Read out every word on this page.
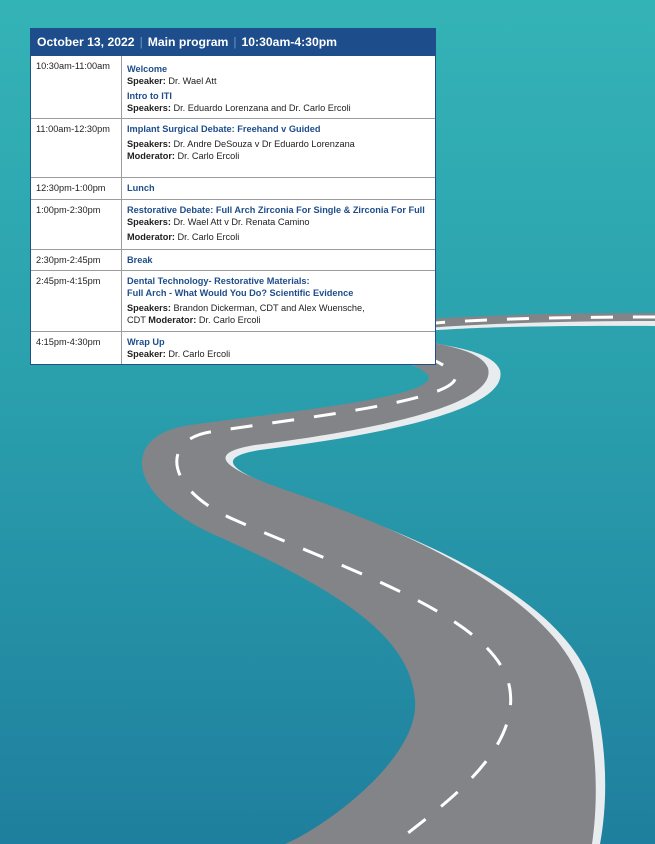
October 13, 2022 | Main program | 10:30am-4:30pm
10:30am-11:00am	Welcome
Speaker: Dr. Wael Att
Intro to ITI
Speakers: Dr. Eduardo Lorenzana and Dr. Carlo Ercoli

11:00am-12:30pm	Implant Surgical Debate: Freehand v Guided
Speakers: Dr. Andre DeSouza v Dr Eduardo Lorenzana
Moderator: Dr. Carlo Ercoli

12:30pm-1:00pm	Lunch

1:00pm-2:30pm	Restorative Debate: Full Arch Zirconia For Single & Zirconia For Full
Speakers: Dr. Wael Att v Dr. Renata Camino
Moderator: Dr. Carlo Ercoli

2:30pm-2:45pm	Break

2:45pm-4:15pm	Dental Technology- Restorative Materials:
Full Arch - What Would You Do? Scientific Evidence
Speakers: Brandon Dickerman, CDT and Alex Wuensche,
CDT Moderator: Dr. Carlo Ercoli

4:15pm-4:30pm	Wrap Up
Speaker: Dr. Carlo Ercoli
